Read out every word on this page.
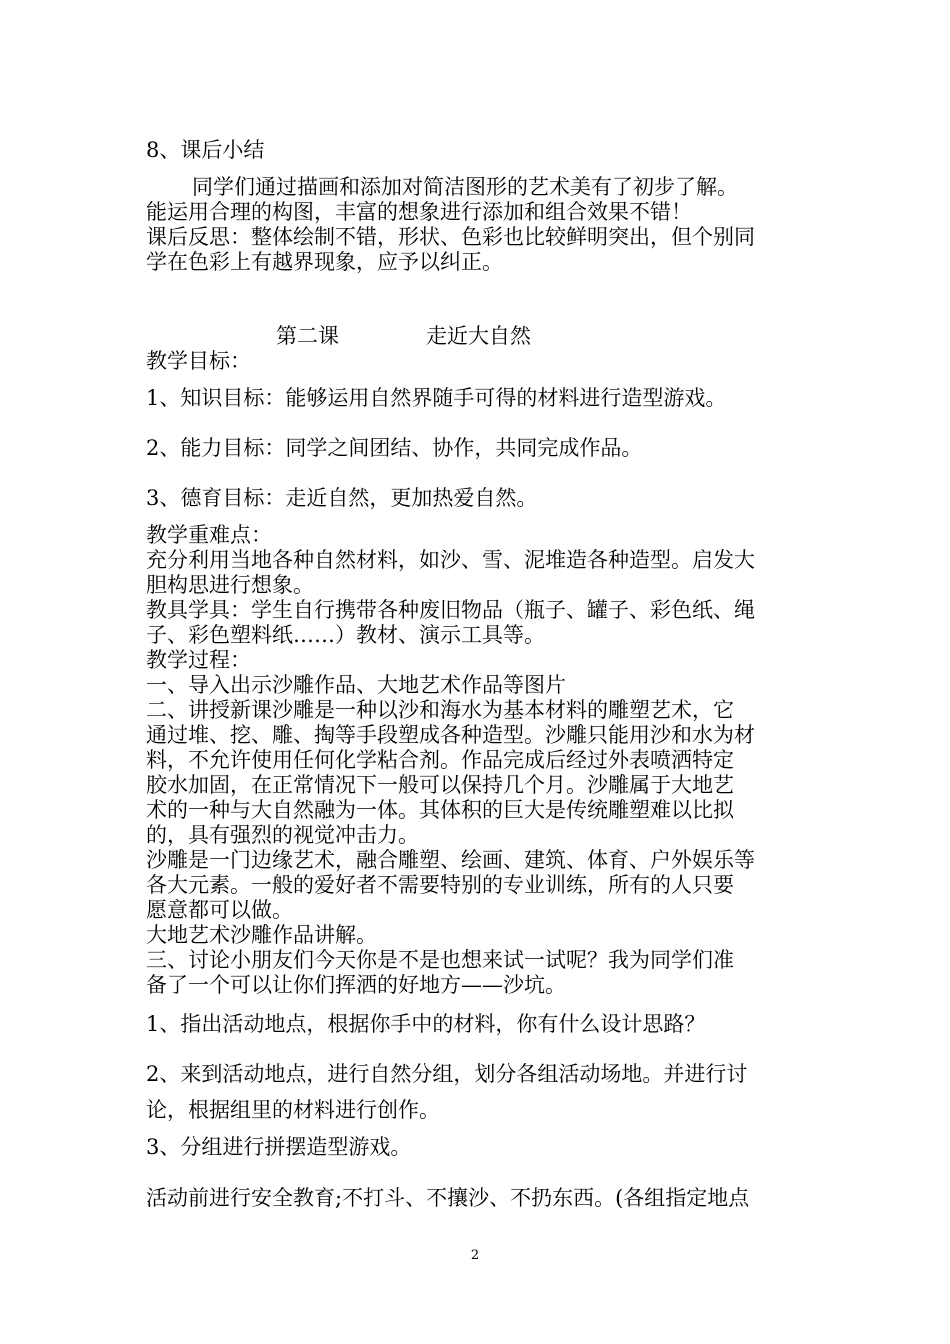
8、课后小结
同学们通过描画和添加对简洁图形的艺术美有了初步了解。
能运用合理的构图，丰富的想象进行添加和组合效果不错！
课后反思：整体绘制不错，形状、色彩也比较鲜明突出，但个别同
学在色彩上有越界现象，应予以纠正。
第二课	走近大自然
教学目标：
1、知识目标：能够运用自然界随手可得的材料进行造型游戏。
2、能力目标：同学之间团结、协作，共同完成作品。
3、德育目标：走近自然，更加热爱自然。
教学重难点：
充分利用当地各种自然材料，如沙、雪、泥堆造各种造型。启发大
胆构思进行想象。
教具学具：学生自行携带各种废旧物品（瓶子、罐子、彩色纸、绳
子、彩色塑料纸……）教材、演示工具等。
教学过程：
一、导入出示沙雕作品、大地艺术作品等图片
二、讲授新课沙雕是一种以沙和海水为基本材料的雕塑艺术，它
通过堆、挖、雕、掏等手段塑成各种造型。沙雕只能用沙和水为材
料，不允许使用任何化学粘合剂。作品完成后经过外表喷洒特定
胶水加固，在正常情况下一般可以保持几个月。沙雕属于大地艺
术的一种与大自然融为一体。其体积的巨大是传统雕塑难以比拟
的，具有强烈的视觉冲击力。
沙雕是一门边缘艺术，融合雕塑、绘画、建筑、体育、户外娱乐等
各大元素。一般的爱好者不需要特别的专业训练，所有的人只要
愿意都可以做。
大地艺术沙雕作品讲解。
三、讨论小朋友们今天你是不是也想来试一试呢？我为同学们准
备了一个可以让你们挥洒的好地方——沙坑。
1、指出活动地点，根据你手中的材料，你有什么设计思路？
2、来到活动地点，进行自然分组，划分各组活动场地。并进行讨
论，根据组里的材料进行创作。
3、分组进行拼摆造型游戏。
活动前进行安全教育;不打斗、不攘沙、不扔东西。(各组指定地点
2
